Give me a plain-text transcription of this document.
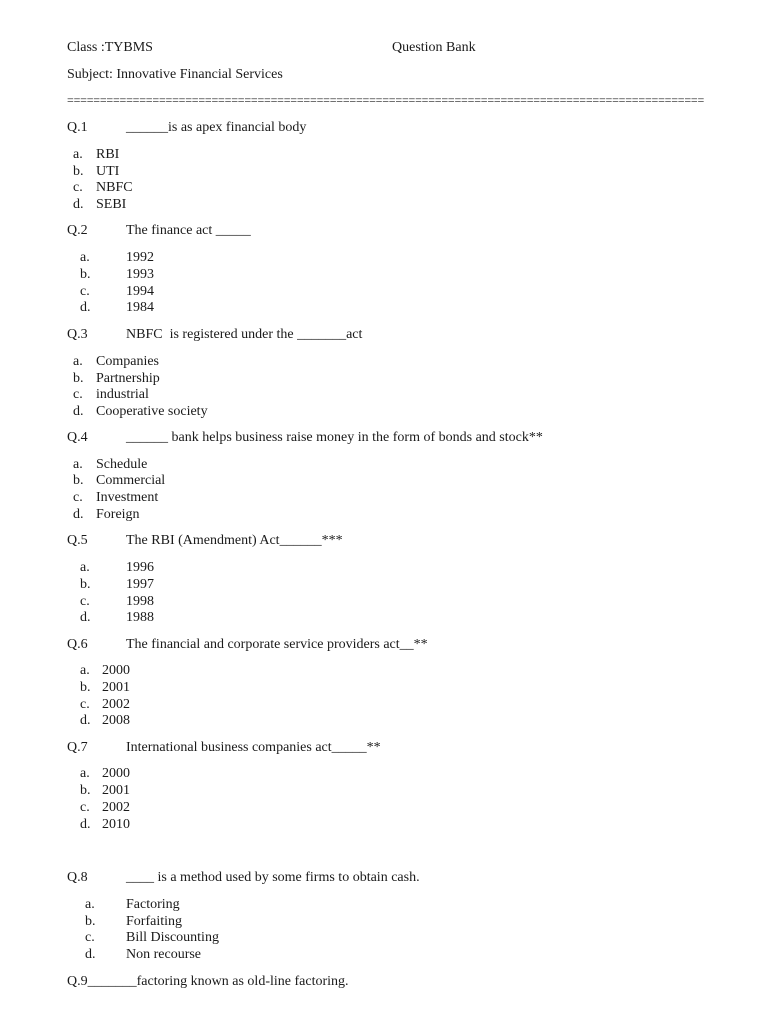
Class :TYBMS	Question Bank
Subject: Innovative Financial Services
=================================================================================================
Q.1	______is as apex financial body
a. RBI
b. UTI
c. NBFC
d. SEBI
Q.2	The finance act _____
a.	1992
b.	1993
c.	1994
d.	1984
Q.3	NBFC  is registered under the _______act
a. Companies
b. Partnership
c. industrial
d. Cooperative society
Q.4	______ bank helps business raise money in the form of bonds and stock**
a. Schedule
b. Commercial
c. Investment
d. Foreign
Q.5	The RBI (Amendment) Act______***
a.	1996
b.	1997
c.	1998
d.	1988
Q.6	The financial and corporate service providers act__**
a. 2000
b. 2001
c. 2002
d. 2008
Q.7	International business companies act_____**
a. 2000
b. 2001
c. 2002
d. 2010
Q.8	____ is a method used by some firms to obtain cash.
a. Factoring
b. Forfaiting
c. Bill Discounting
d. Non recourse
Q.9_______factoring known as old-line factoring.
